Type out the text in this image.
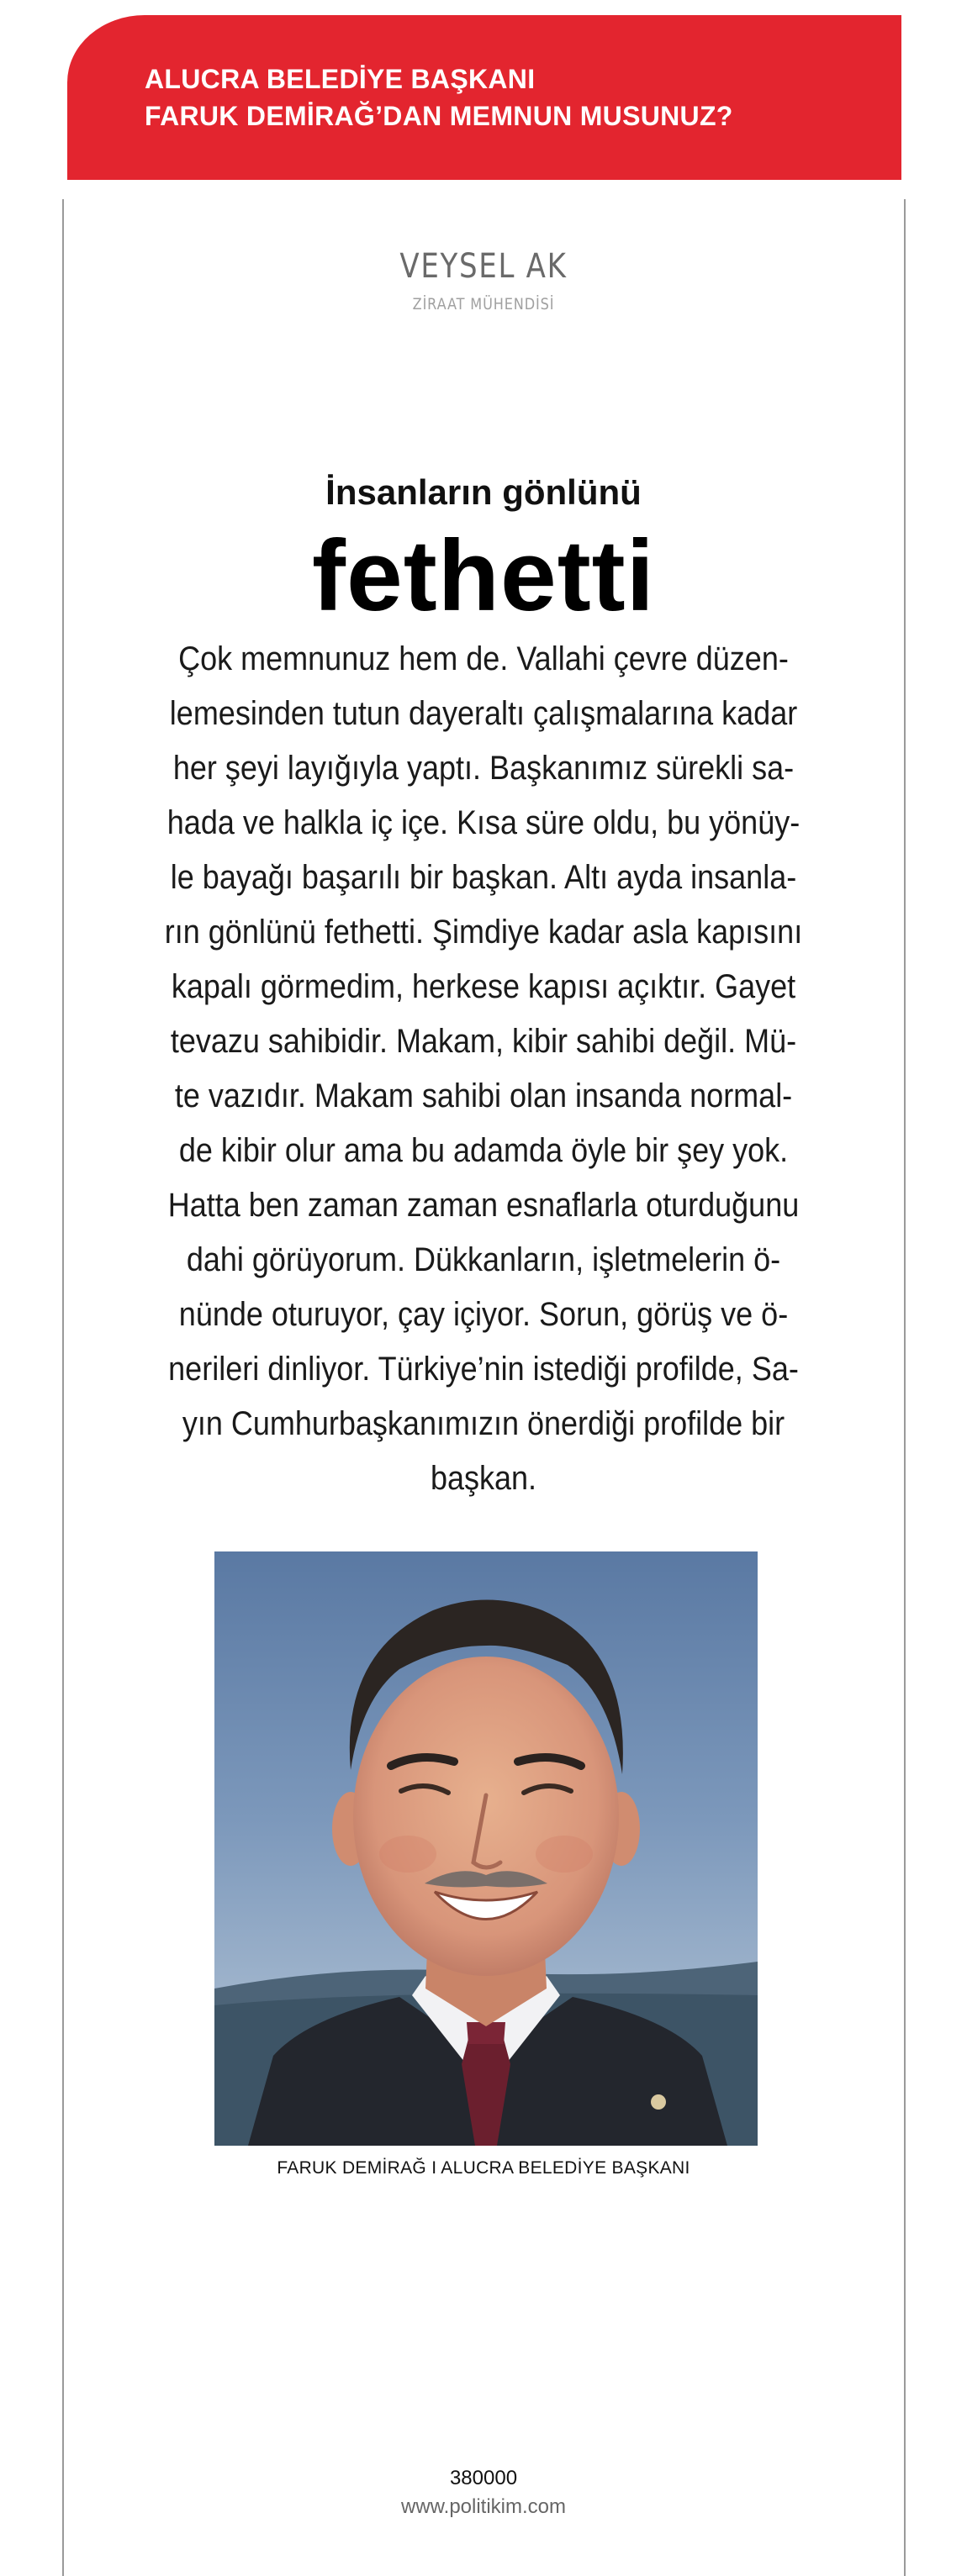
ALUCRA BELEDİYE BAŞKANI
FARUK DEMİRAĞ’DAN MEMNUN MUSUNUZ?
VEYSEL AK
ZİRAAT MÜHENDİSİ
İnsanların gönlünü
fethetti
Çok memnunuz hem de. Vallahi çevre düzen-
lemesinden tutun dayeraltı çalışmalarına kadar
her şeyi layığıyla yaptı. Başkanımız sürekli sa-
hada ve halkla iç içe. Kısa süre oldu, bu yönüy-
le bayağı başarılı bir başkan. Altı ayda insanla-
rın gönlünü fethetti. Şimdiye kadar asla kapısını
kapalı görmedim, herkese kapısı açıktır. Gayet
tevazu sahibidir. Makam, kibir sahibi değil. Mü-
te vazıdır. Makam sahibi olan insanda normal-
de kibir olur ama bu adamda öyle bir şey yok.
Hatta ben zaman zaman esnaflarla oturduğunu
dahi görüyorum. Dükkanların, işletmelerin ö-
nünde oturuyor, çay içiyor. Sorun, görüş ve ö-
nerileri dinliyor. Türkiye’nin istediği profilde, Sa-
yın Cumhurbaşkanımızın önerdiği profilde bir
başkan.
FARUK DEMİRAĞ I ALUCRA BELEDİYE BAŞKANI
380000
www.politikim.com
